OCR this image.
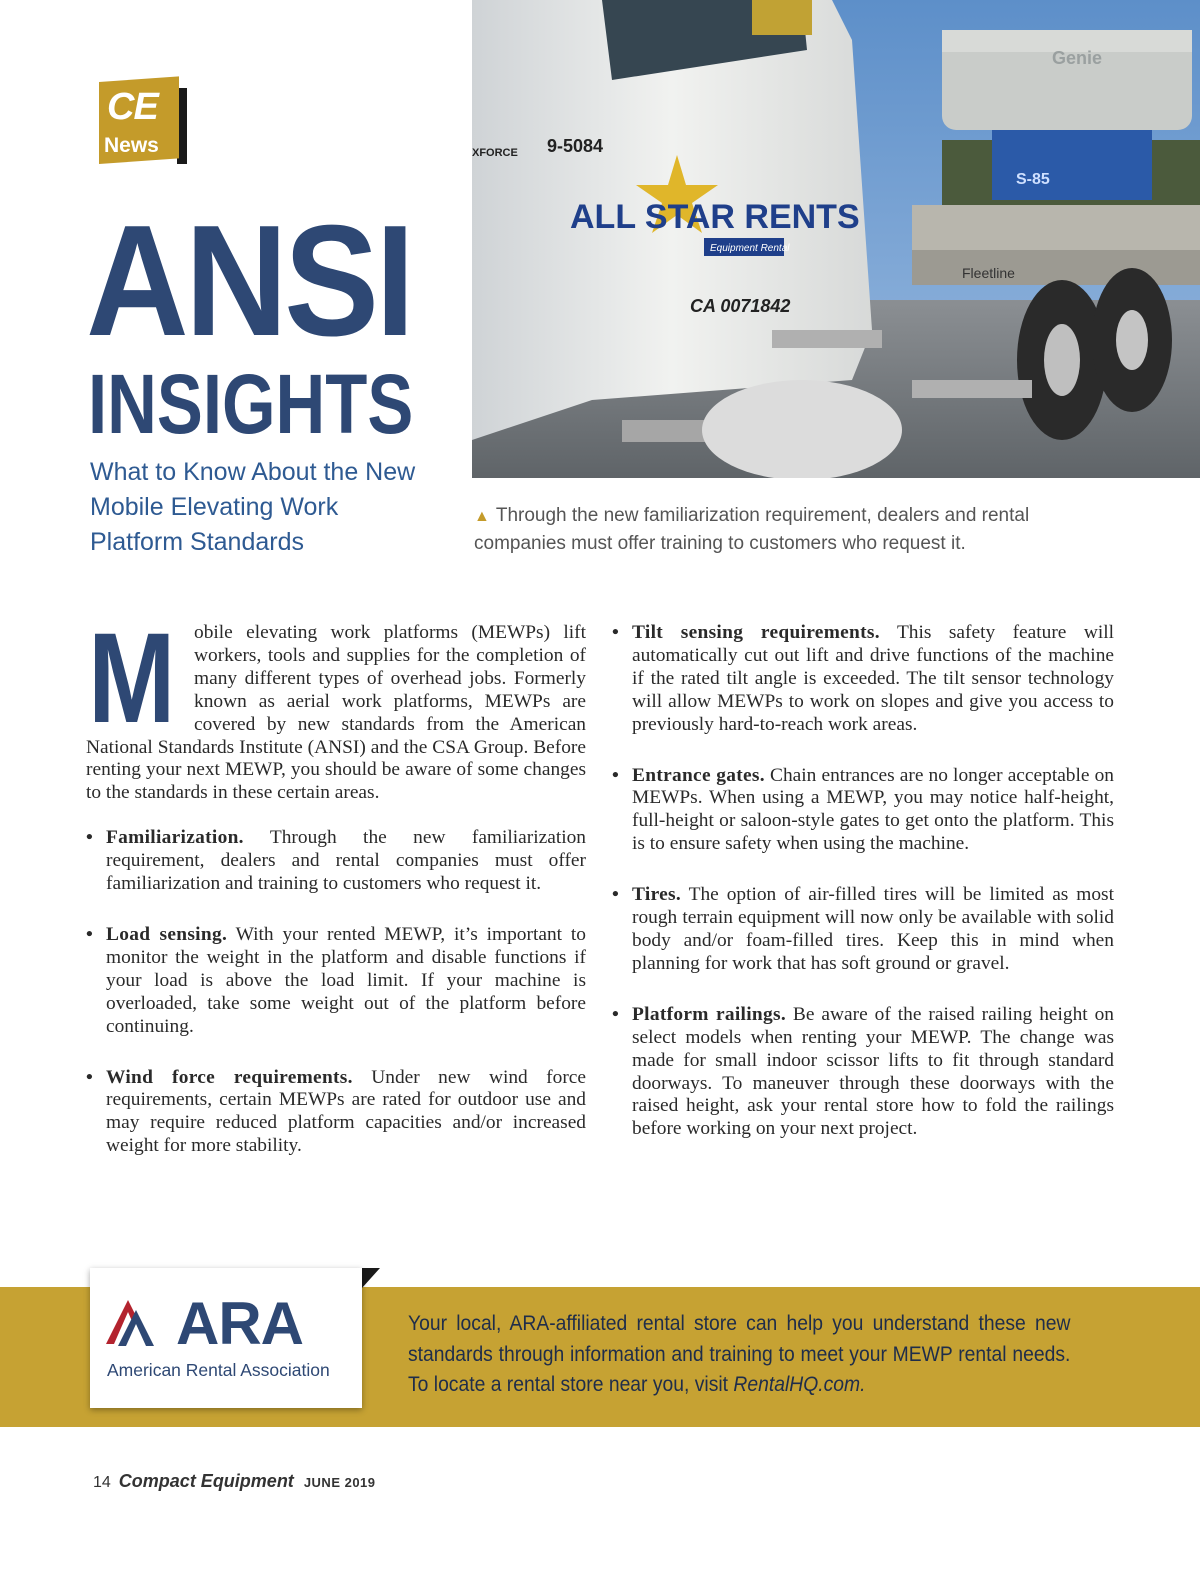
CE
News
ANSI
INSIGHTS
What to Know About the New Mobile Elevating Work Platform Standards
Genie
S-85
Fleetline
9-5084
XFORCE
ALL STAR RENTS
Equipment Rental
CA 0071842
▲ Through the new familiarization requirement, dealers and rental companies must offer training to customers who request it.

Mobile elevating work platforms (MEWPs) lift workers, tools and supplies for the completion of many different types of overhead jobs. Formerly known as aerial work platforms, MEWPs are covered by new standards from the American National Standards Institute (ANSI) and the CSA Group. Before renting your next MEWP, you should be aware of some changes to the standards in these certain areas.

• Familiarization. Through the new familiarization requirement, dealers and rental companies must offer familiarization and training to customers who request it.
• Load sensing. With your rented MEWP, it’s important to monitor the weight in the platform and disable functions if your load is above the load limit. If your machine is overloaded, take some weight out of the platform before continuing.
• Wind force requirements. Under new wind force requirements, certain MEWPs are rated for outdoor use and may require reduced platform capacities and/or increased weight for more stability.
• Tilt sensing requirements. This safety feature will automatically cut out lift and drive functions of the machine if the rated tilt angle is exceeded. The tilt sensor technology will allow MEWPs to work on slopes and give you access to previously hard-to-reach work areas.
• Entrance gates. Chain entrances are no longer acceptable on MEWPs. When using a MEWP, you may notice half-height, full-height or saloon-style gates to get onto the platform. This is to ensure safety when using the machine.
• Tires. The option of air-filled tires will be limited as most rough terrain equipment will now only be available with solid body and/or foam-filled tires. Keep this in mind when planning for work that has soft ground or gravel.
• Platform railings. Be aware of the raised railing height on select models when renting your MEWP. The change was made for small indoor scissor lifts to fit through standard doorways. To maneuver through these doorways with the raised height, ask your rental store how to fold the railings before working on your next project.
Your local, ARA-affiliated rental store can help you understand these new standards through information and training to meet your MEWP rental needs. To locate a rental store near you, visit RentalHQ.com.
ARA
American Rental Association
14 Compact Equipment JUNE 2019
